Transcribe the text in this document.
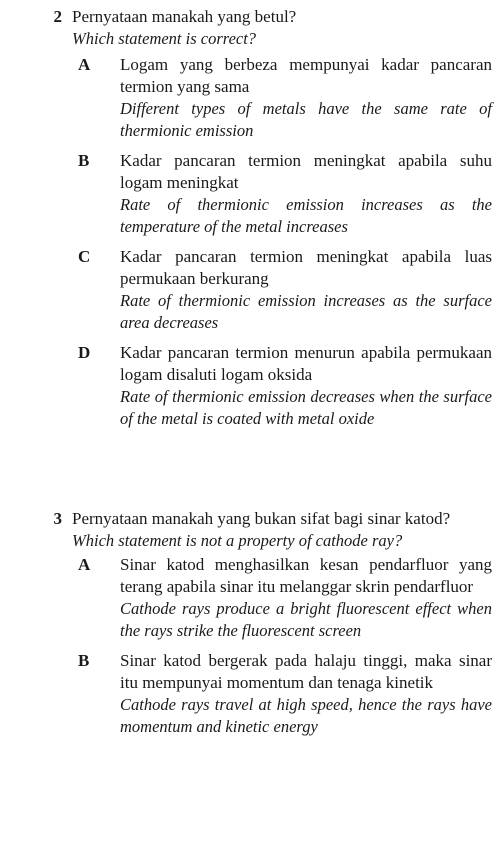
2 Pernyataan manakah yang betul?
Which statement is correct?
A	Logam yang berbeza mempunyai kadar pancaran termion yang sama
Different types of metals have the same rate of thermionic emission
B	Kadar pancaran termion meningkat apabila suhu logam meningkat
Rate of thermionic emission increases as the temperature of the metal increases
C	Kadar pancaran termion meningkat apabila luas permukaan berkurang
Rate of thermionic emission increases as the surface area decreases
D	Kadar pancaran termion menurun apabila permukaan logam disaluti logam oksida
Rate of thermionic emission decreases when the surface of the metal is coated with metal oxide
3 Pernyataan manakah yang bukan sifat bagi sinar katod?
Which statement is not a property of cathode ray?
A	Sinar katod menghasilkan kesan pendarfluor yang terang apabila sinar itu melanggar skrin pendarfluor
Cathode rays produce a bright fluorescent effect when the rays strike the fluorescent screen
B	Sinar katod bergerak pada halaju tinggi, maka sinar itu mempunyai momentum dan tenaga kinetik
Cathode rays travel at high speed, hence the rays have momentum and kinetic energy
